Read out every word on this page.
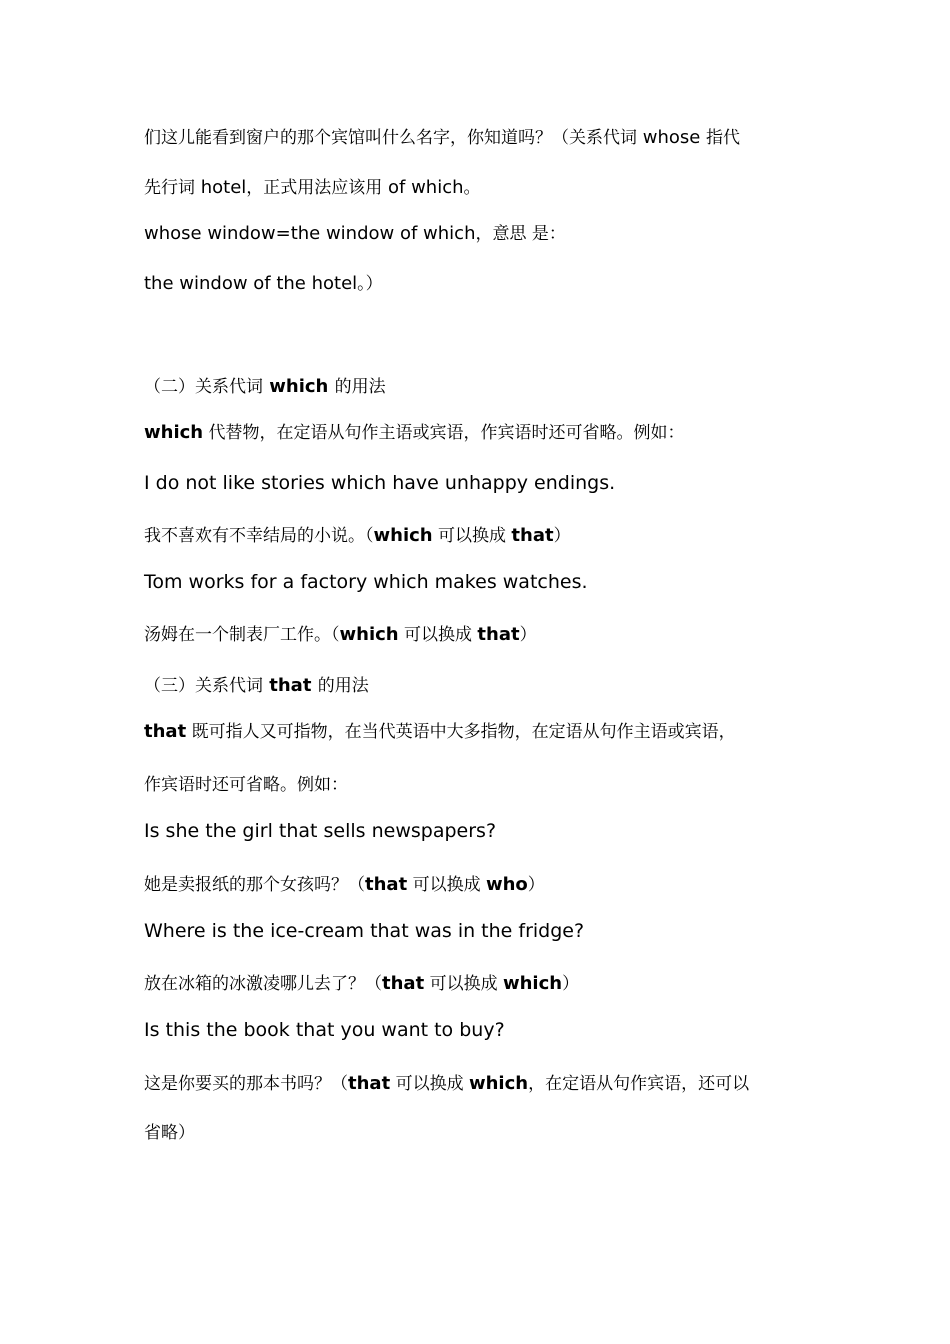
们这儿能看到窗户的那个宾馆叫什么名字，你知道吗？（关系代词 whose 指代

先行词 hotel，正式用法应该用 of which。

whose window=the window of which，意思 是：

the window of the hotel。）

（二）关系代词 which 的用法

which 代替物，在定语从句作主语或宾语，作宾语时还可省略。例如：

I do not like stories which have unhappy endings.

我不喜欢有不幸结局的小说。（which 可以换成 that）

Tom works for a factory which makes watches.

汤姆在一个制表厂工作。（which 可以换成 that）

（三）关系代词 that 的用法

that 既可指人又可指物，在当代英语中大多指物，在定语从句作主语或宾语，

作宾语时还可省略。例如：

Is she the girl that sells newspapers?

她是卖报纸的那个女孩吗？（that 可以换成 who）

Where is the ice-cream that was in the fridge?

放在冰箱的冰激凌哪儿去了？（that 可以换成 which）

Is this the book that you want to buy?

这是你要买的那本书吗？（that 可以换成 which，在定语从句作宾语，还可以

省略）
